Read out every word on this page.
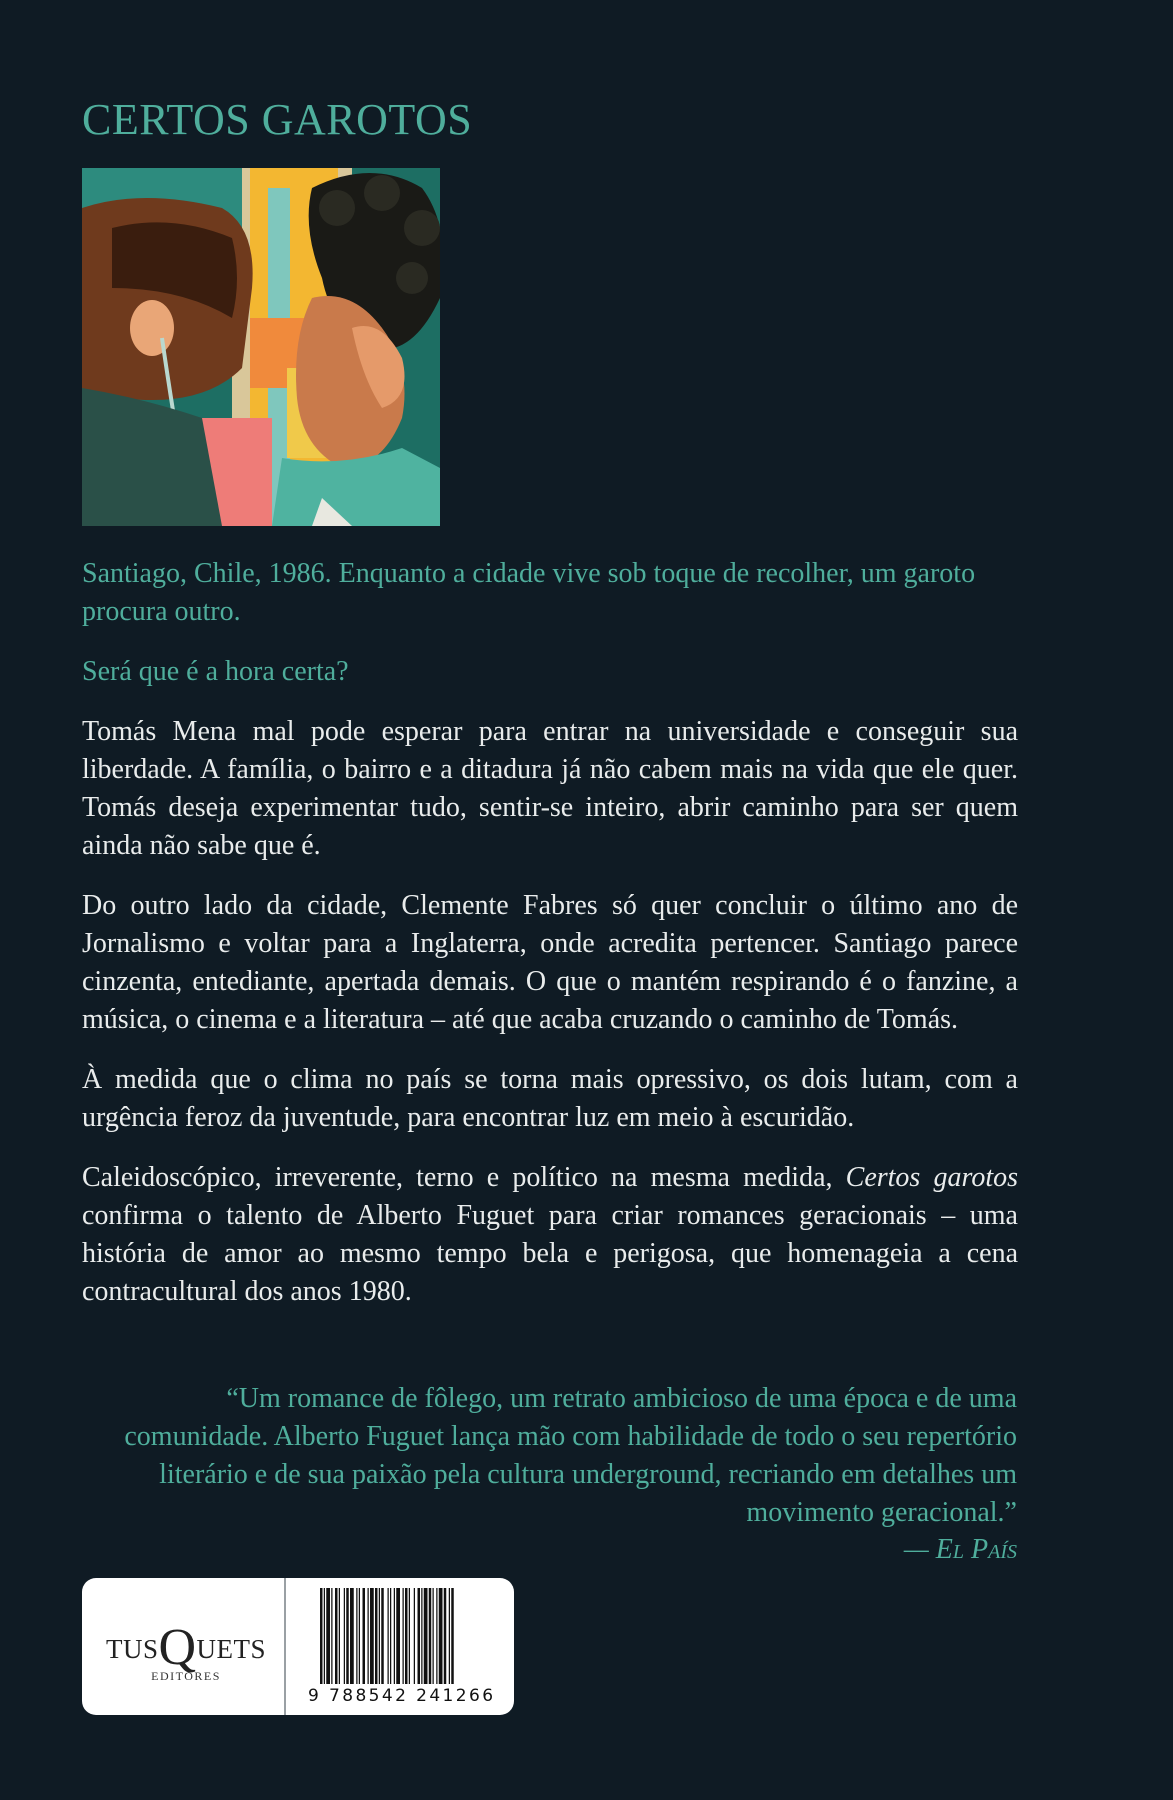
CERTOS GAROTOS

Santiago, Chile, 1986. Enquanto a cidade vive sob toque de recolher, um garoto procura outro.

Será que é a hora certa?

Tomás Mena mal pode esperar para entrar na universidade e conseguir sua liberdade. A família, o bairro e a ditadura já não cabem mais na vida que ele quer. Tomás deseja experimentar tudo, sentir-se inteiro, abrir caminho para ser quem ainda não sabe que é.

Do outro lado da cidade, Clemente Fabres só quer concluir o último ano de Jornalismo e voltar para a Inglaterra, onde acredita pertencer. Santiago parece cinzenta, entediante, apertada demais. O que o mantém respirando é o fanzine, a música, o cinema e a literatura – até que acaba cruzando o caminho de Tomás.

À medida que o clima no país se torna mais opressivo, os dois lutam, com a urgência feroz da juventude, para encontrar luz em meio à escuridão.

Caleidoscópico, irreverente, terno e político na mesma medida, Certos garotos confirma o talento de Alberto Fuguet para criar romances geracionais – uma história de amor ao mesmo tempo bela e perigosa, que homenageia a cena contracultural dos anos 1980.

“Um romance de fôlego, um retrato ambicioso de uma época e de uma comunidade. Alberto Fuguet lança mão com habilidade de todo o seu repertório literário e de sua paixão pela cultura underground, recriando em detalhes um movimento geracional.”

— El País

TUSQUETS
EDITORES
9 788542 241266
